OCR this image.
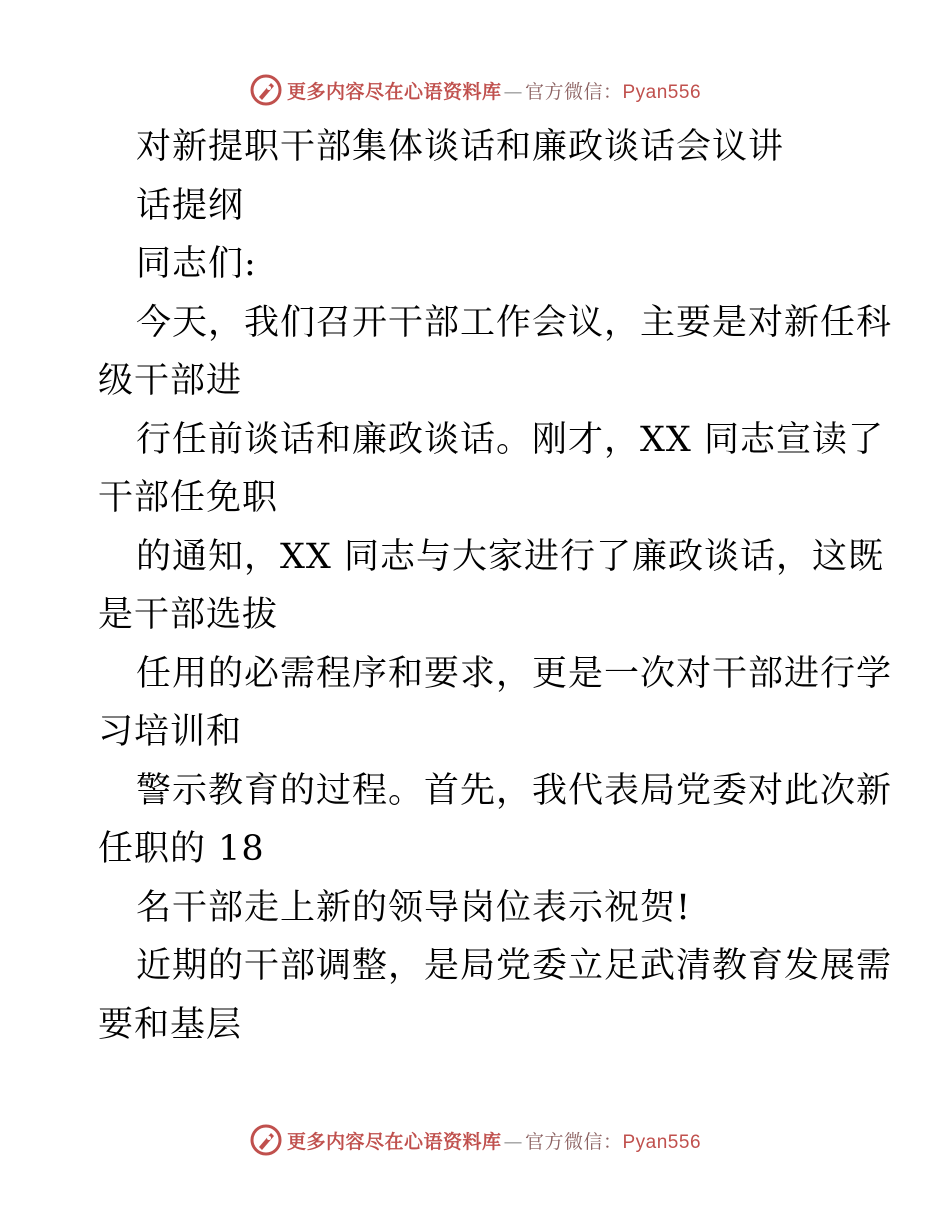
更多内容尽在心语资料库 — 官方微信：Pyan556
对新提职干部集体谈话和廉政谈话会议讲
话提纲
同志们:
今天，我们召开干部工作会议，主要是对新任科
级干部进
行任前谈话和廉政谈话。刚才，XX 同志宣读了
干部任免职
的通知，XX 同志与大家进行了廉政谈话，这既
是干部选拔
任用的必需程序和要求，更是一次对干部进行学
习培训和
警示教育的过程。首先，我代表局党委对此次新
任职的 18
名干部走上新的领导岗位表示祝贺!
近期的干部调整，是局党委立足武清教育发展需
要和基层
更多内容尽在心语资料库 — 官方微信：Pyan556
